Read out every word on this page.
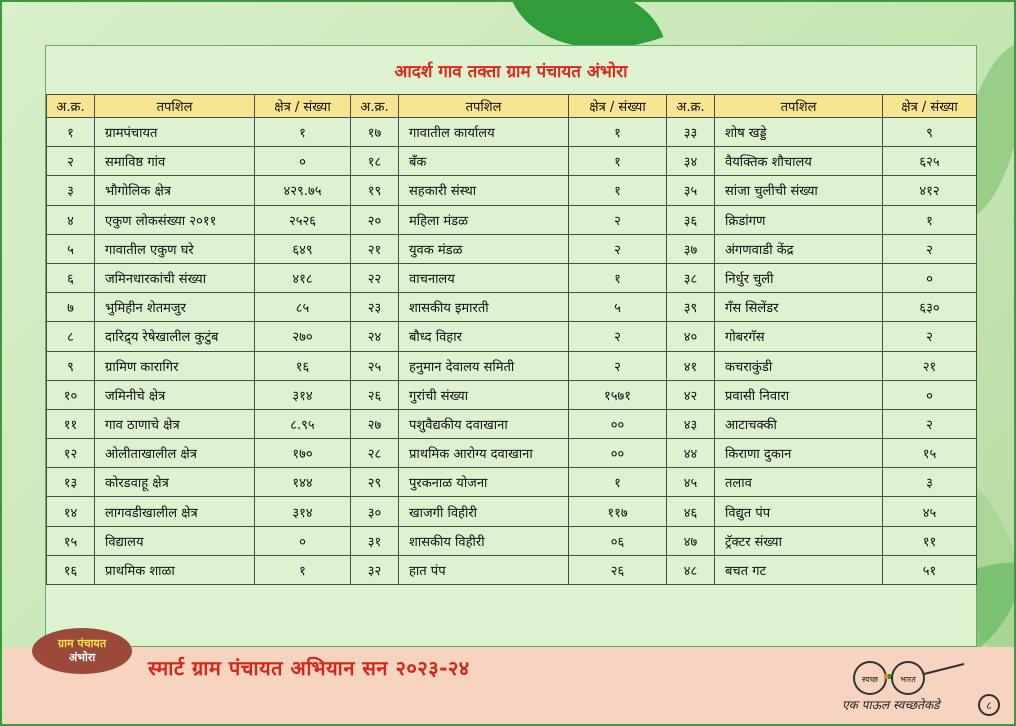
आदर्श गाव तक्ता ग्राम पंचायत अंभोरा
अ.क्र.	तपशिल	क्षेत्र / संख्या	अ.क्र.	तपशिल	क्षेत्र / संख्या	अ.क्र.	तपशिल	क्षेत्र / संख्या
१	ग्रामपंचायत	१	१७	गावातील कार्यालय	१	३३	शोष खड्डे	९
२	समाविष्ठ गांव	०	१८	बँक	१	३४	वैयक्तिक शौचालय	६२५
३	भौगोलिक क्षेत्र	४२९.७५	१९	सहकारी संस्था	१	३५	सांजा चुलीची संख्या	४१२
४	एकुण लोकसंख्या २०११	२५२६	२०	महिला मंडळ	२	३६	क्रिडांगण	१
५	गावातील एकुण घरे	६४९	२१	युवक मंडळ	२	३७	अंगणवाडी केंद्र	२
६	जमिनधारकांची संख्या	४१८	२२	वाचनालय	१	३८	निर्धुर चुली	०
७	भुमिहीन शेतमजुर	८५	२३	शासकीय इमारती	५	३९	गँस सिलेंडर	६३०
८	दारिद्र्य रेषेखालील कुटुंब	२७०	२४	बौध्द विहार	२	४०	गोबरगॅस	२
९	ग्रामिण कारागिर	१६	२५	हनुमान देवालय समिती	२	४१	कचराकुंडी	२१
१०	जमिनीचे क्षेत्र	३१४	२६	गुरांची संख्या	१५७१	४२	प्रवासी निवारा	०
११	गाव ठाणाचे क्षेत्र	८.९५	२७	पशुवैद्यकीय दवाखाना	००	४३	आटाचक्की	२
१२	ओलीताखालील क्षेत्र	१७०	२८	प्राथमिक आरोग्य दवाखाना	००	४४	किराणा दुकान	१५
१३	कोरडवाहू क्षेत्र	१४४	२९	पुरकनाळ योजना	१	४५	तलाव	३
१४	लागवडीखालील क्षेत्र	३१४	३०	खाजगी विहीरी	११७	४६	विद्युत पंप	४५
१५	विद्यालय	०	३१	शासकीय विहीरी	०६	४७	ट्रॅक्टर संख्या	११
१६	प्राथमिक शाळा	१	३२	हात पंप	२६	४८	बचत गट	५१
स्मार्ट ग्राम पंचायत अभियान सन २०२३-२४
ग्राम पंचायत
अंभोरा
स्वच्छ	भारत
एक पाऊल स्वच्छतेकडे	८
